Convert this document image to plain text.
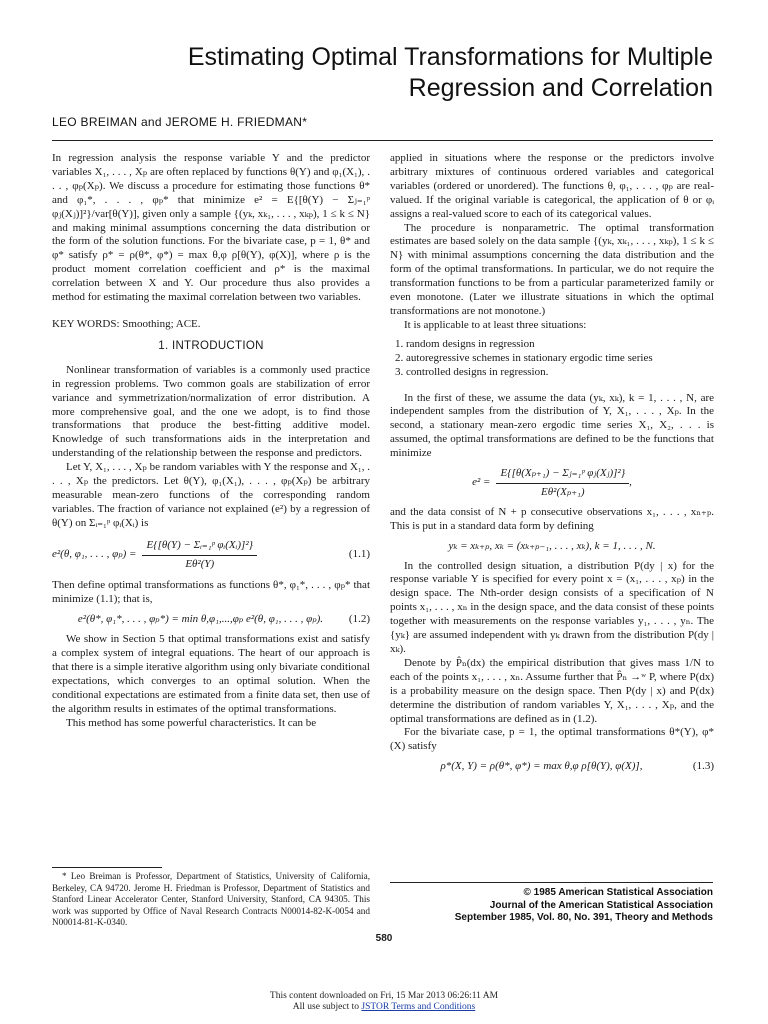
Estimating Optimal Transformations for Multiple
Regression and Correlation
LEO BREIMAN and JEROME H. FRIEDMAN*

In regression analysis the response variable Y and the predictor variables X₁, . . . , Xₚ are often replaced by functions θ(Y) and φ₁(X₁), . . . , φₚ(Xₚ). We discuss a procedure for estimating those functions θ* and φ₁*, . . . , φₚ* that minimize e² = E{[θ(Y) − Σⱼ₌₁ᵖ φⱼ(Xⱼ)]²}/var[θ(Y)], given only a sample {(yₖ, xₖ₁, . . . , xₖₚ), 1 ≤ k ≤ N} and making minimal assumptions concerning the data distribution or the form of the solution functions. For the bivariate case, p = 1, θ* and φ* satisfy ρ* = ρ(θ*, φ*) = max θ,φ ρ[θ(Y), φ(X)], where ρ is the product moment correlation coefficient and ρ* is the maximal correlation between X and Y. Our procedure thus also provides a method for estimating the maximal correlation between two variables.

KEY WORDS: Smoothing; ACE.

1. INTRODUCTION

Nonlinear transformation of variables is a commonly used practice in regression problems. Two common goals are stabilization of error variance and symmetrization/normalization of error distribution. A more comprehensive goal, and the one we adopt, is to find those transformations that produce the best-fitting additive model. Knowledge of such transformations aids in the interpretation and understanding of the relationship between the response and predictors.

Let Y, X₁, . . . , Xₚ be random variables with Y the response and X₁, . . . , Xₚ the predictors. Let θ(Y), φ₁(X₁), . . . , φₚ(Xₚ) be arbitrary measurable mean-zero functions of the corresponding random variables. The fraction of variance not explained (e²) by a regression of θ(Y) on Σᵢ₌₁ᵖ φᵢ(Xᵢ) is

e²(θ, φ₁, . . . , $\varphi_p) = \frac{\text{E\{[θ(Y) − Σᵢ₌₁ᵖ φᵢ(Xᵢ)]²\}}}{\text{Eθ²(Y)}}$	(1.1)

Then define optimal transformations as functions θ*, φ₁*, . . . , φₚ* that minimize (1.1); that is,

e²(θ*, φ₁*, . . . , φₚ*) = min θ,φ₁,...,φₚ e²(θ, φ₁, . . . , φₚ).	(1.2)

We show in Section 5 that optimal transformations exist and satisfy a complex system of integral equations. The heart of our approach is that there is a simple iterative algorithm using only bivariate conditional expectations, which converges to an optimal solution. When the conditional expectations are estimated from a finite data set, then use of the algorithm results in estimates of the optimal transformations.

This method has some powerful characteristics. It can be

applied in situations where the response or the predictors involve arbitrary mixtures of continuous ordered variables and categorical variables (ordered or unordered). The functions θ, φ₁, . . . , φₚ are real-valued. If the original variable is categorical, the application of θ or φᵢ assigns a real-valued score to each of its categorical values.

The procedure is nonparametric. The optimal transformation estimates are based solely on the data sample {(yₖ, xₖ₁, . . . , xₖₚ), 1 ≤ k ≤ N} with minimal assumptions concerning the data distribution and the form of the optimal transformations. In particular, we do not require the transformation functions to be from a particular parameterized family or even monotone. (Later we illustrate situations in which the optimal transformations are not monotone.)

It is applicable to at least three situations:

1. random designs in regression
2. autoregressive schemes in stationary ergodic time series
3. controlled designs in regression.

In the first of these, we assume the data (yₖ, xₖ), k = 1, . . . , N, are independent samples from the distribution of Y, X₁, . . . , Xₚ. In the second, a stationary mean-zero ergodic time series X₁, X₂, . . . is assumed, the optimal transformations are defined to be the functions that minimize

$e^2 = \frac{\text{E\{[θ(Xₚ₊₁) − Σⱼ₌₁ᵖ φⱼ(Xⱼ)]²\}}}{\text{Eθ²(Xₚ₊₁)}}$ ,

and the data consist of N + p consecutive observations x₁, . . . , xₙ₊ₚ. This is put in a standard data form by defining

yₖ = xₖ₊ₚ, xₖ = (xₖ₊ₚ₋₁, . . . , xₖ), k = 1, . . . , N.

In the controlled design situation, a distribution P(dy | x) for the response variable Y is specified for every point x = (x₁, . . . , xₚ) in the design space. The Nth-order design consists of a specification of N points x₁, . . . , xₙ in the design space, and the data consist of these points together with measurements on the response variables y₁, . . . , yₙ. The {yₖ} are assumed independent with yₖ drawn from the distribution P(dy | xₖ).

Denote by P̂ₙ(dx) the empirical distribution that gives mass 1/N to each of the points x₁, . . . , xₙ. Assume further that P̂ₙ →ʷ P, where P(dx) is a probability measure on the design space. Then P(dy | x) and P(dx) determine the distribution of random variables Y, X₁, . . . , Xₚ, and the optimal transformations are defined as in (1.2).

For the bivariate case, p = 1, the optimal transformations θ*(Y), φ*(X) satisfy

ρ*(X, Y) = ρ(θ*, φ*) = max θ,φ ρ[θ(Y), φ(X)],	(1.3)
* Leo Breiman is Professor, Department of Statistics, University of California, Berkeley, CA 94720. Jerome H. Friedman is Professor, Department of Statistics and Stanford Linear Accelerator Center, Stanford University, Stanford, CA 94305. This work was supported by Office of Naval Research Contracts N00014-82-K-0054 and N00014-81-K-0340.
© 1985 American Statistical Association
Journal of the American Statistical Association
September 1985, Vol. 80, No. 391, Theory and Methods
580
This content downloaded on Fri, 15 Mar 2013 06:26:11 AM
All use subject to JSTOR Terms and Conditions
